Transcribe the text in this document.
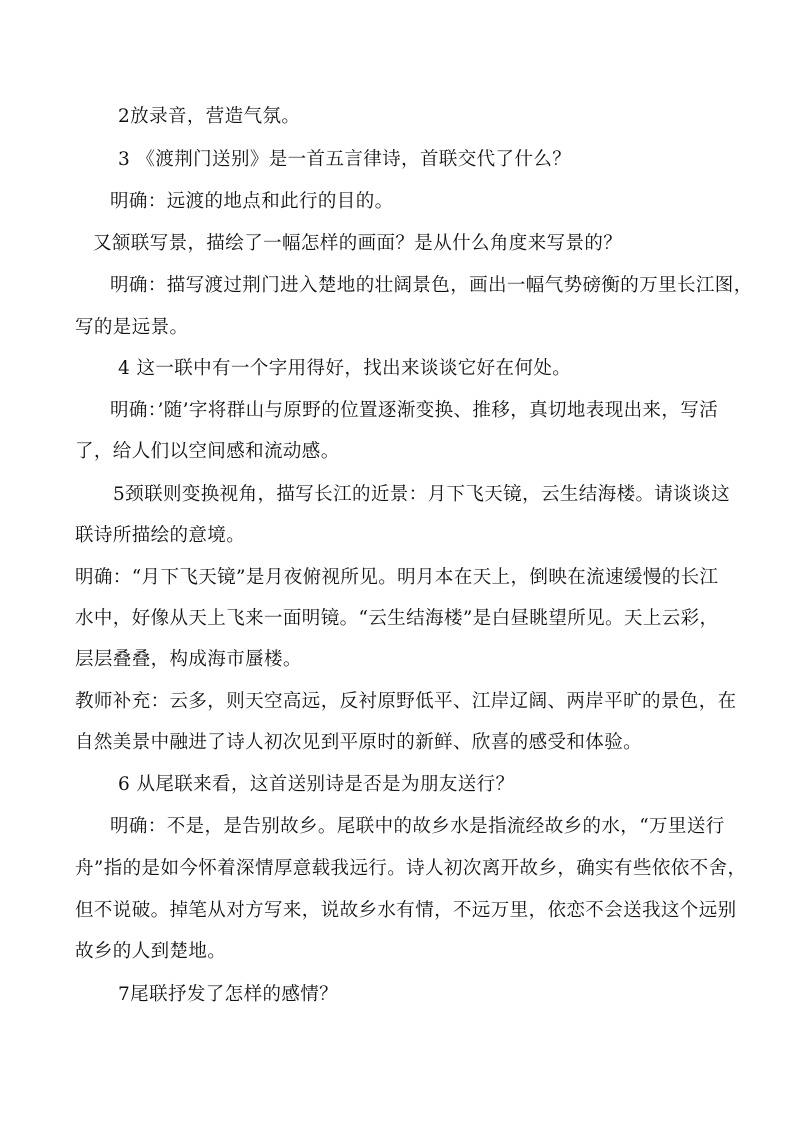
2放录音，营造气氛。
3 《渡荆门送别》是一首五言律诗，首联交代了什么？
明确：远渡的地点和此行的目的。
又颔联写景，描绘了一幅怎样的画面？是从什么角度来写景的？
明确：描写渡过荆门进入楚地的壮阔景色，画出一幅气势磅衡的万里长江图，
写的是远景。
4 这一联中有一个字用得好，找出来谈谈它好在何处。
明确：’随’字将群山与原野的位置逐渐变换、推移，真切地表现出来，写活
了，给人们以空间感和流动感。
5颈联则变换视角，描写长江的近景：月下飞天镜，云生结海楼。请谈谈这
联诗所描绘的意境。
明确：“月下飞天镜”是月夜俯视所见。明月本在天上，倒映在流速缓慢的长江
水中，好像从天上飞来一面明镜。“云生结海楼”是白昼眺望所见。天上云彩，
层层叠叠，构成海市蜃楼。
教师补充：云多，则天空高远，反衬原野低平、江岸辽阔、两岸平旷的景色，在
自然美景中融进了诗人初次见到平原时的新鲜、欣喜的感受和体验。
6 从尾联来看，这首送别诗是否是为朋友送行？
明确：不是，是告别故乡。尾联中的故乡水是指流经故乡的水，“万里送行
舟”指的是如今怀着深情厚意载我远行。诗人初次离开故乡，确实有些依依不舍，
但不说破。掉笔从对方写来，说故乡水有情，不远万里，依恋不会送我这个远别
故乡的人到楚地。
7尾联抒发了怎样的感情？
